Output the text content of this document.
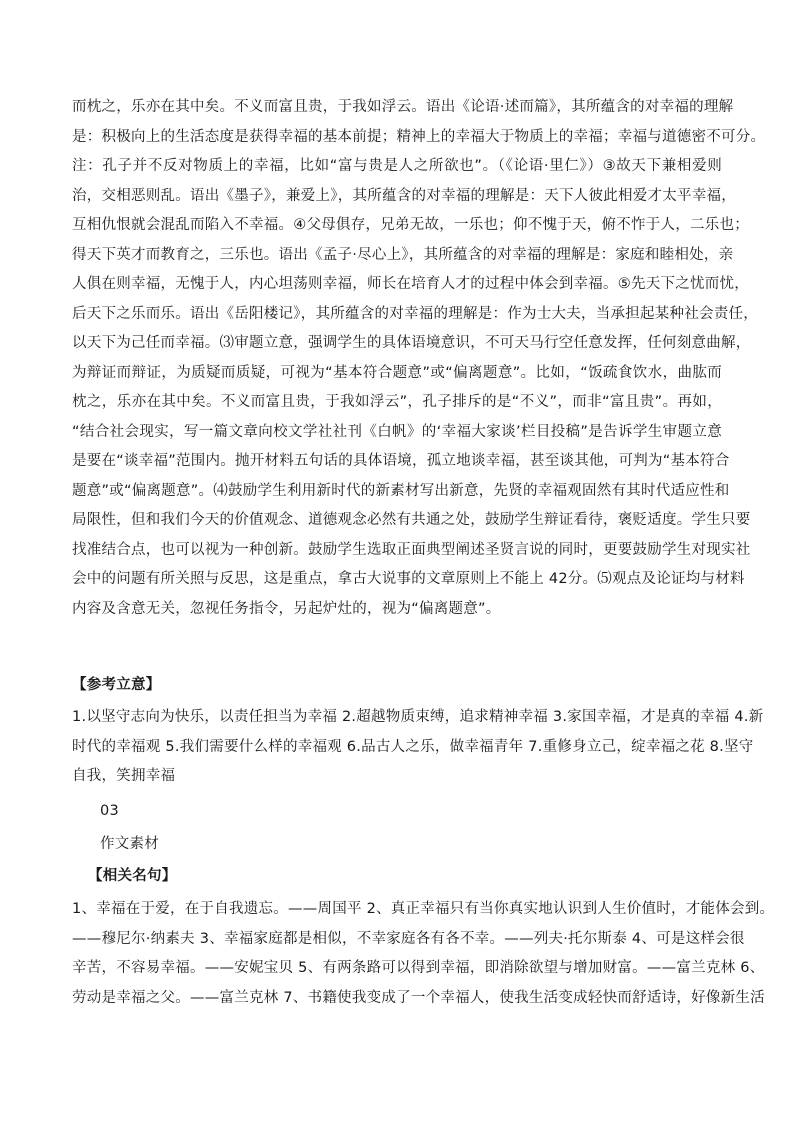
而枕之，乐亦在其中矣。不义而富且贵，于我如浮云。语出《论语·述而篇》，其所蕴含的对幸福的理解
是：积极向上的生活态度是获得幸福的基本前提；精神上的幸福大于物质上的幸福；幸福与道德密不可分。
注：孔子并不反对物质上的幸福，比如“富与贵是人之所欲也”。（《论语·里仁》）③故天下兼相爱则
治，交相恶则乱。语出《墨子》，兼爱上》，其所蕴含的对幸福的理解是：天下人彼此相爱才太平幸福，
互相仇恨就会混乱而陷入不幸福。④父母俱存，兄弟无故，一乐也；仰不愧于天，俯不怍于人，二乐也；
得天下英才而教育之，三乐也。语出《孟子·尽心上》，其所蕴含的对幸福的理解是：家庭和睦相处，亲
人俱在则幸福，无愧于人，内心坦荡则幸福，师长在培育人才的过程中体会到幸福。⑤先天下之忧而忧，
后天下之乐而乐。语出《岳阳楼记》，其所蕴含的对幸福的理解是：作为士大夫，当承担起某种社会责任，
以天下为己任而幸福。⑶审题立意，强调学生的具体语境意识，不可天马行空任意发挥，任何刻意曲解，
为辩证而辩证，为质疑而质疑，可视为“基本符合题意”或“偏离题意”。比如，“饭疏食饮水，曲肱而
枕之，乐亦在其中矣。不义而富且贵，于我如浮云”，孔子排斥的是“不义”，而非“富且贵”。再如，
“结合社会现实，写一篇文章向校文学社社刊《白帆》的‘幸福大家谈’栏目投稿”是告诉学生审题立意
是要在“谈幸福”范围内。抛开材料五句话的具体语境，孤立地谈幸福，甚至谈其他，可判为“基本符合
题意”或“偏离题意”。⑷鼓励学生利用新时代的新素材写出新意，先贤的幸福观固然有其时代适应性和
局限性，但和我们今天的价值观念、道德观念必然有共通之处，鼓励学生辩证看待，褒贬适度。学生只要
找准结合点，也可以视为一种创新。鼓励学生选取正面典型阐述圣贤言说的同时，更要鼓励学生对现实社
会中的问题有所关照与反思，这是重点，拿古大说事的文章原则上不能上 42分。⑸观点及论证均与材料
内容及含意无关，忽视任务指令，另起炉灶的，视为“偏离题意”。
【参考立意】
1.以坚守志向为快乐，以责任担当为幸福 2.超越物质束缚，追求精神幸福 3.家国幸福，才是真的幸福 4.新
时代的幸福观 5.我们需要什么样的幸福观 6.品古人之乐，做幸福青年 7.重修身立己，绽幸福之花 8.坚守
自我，笑拥幸福
03
作文素材
【相关名句】
1、幸福在于爱，在于自我遗忘。——周国平 2、真正幸福只有当你真实地认识到人生价值时，才能体会到。
——穆尼尔·纳素夫 3、幸福家庭都是相似，不幸家庭各有各不幸。——列夫·托尔斯泰 4、可是这样会很
辛苦，不容易幸福。——安妮宝贝 5、有两条路可以得到幸福，即消除欲望与增加财富。——富兰克林 6、
劳动是幸福之父。——富兰克林 7、书籍使我变成了一个幸福人，使我生活变成轻快而舒适诗，好像新生活
